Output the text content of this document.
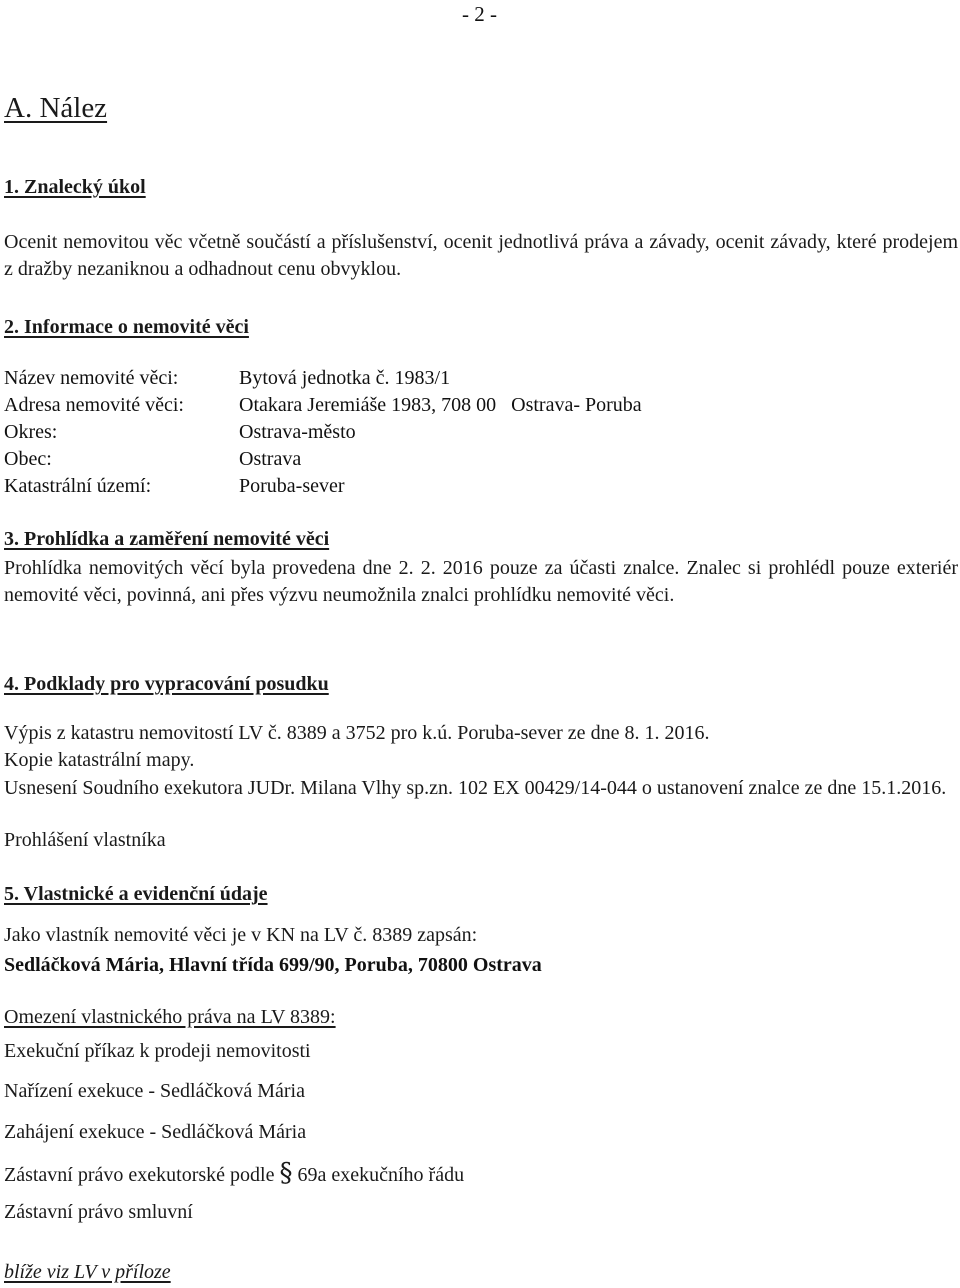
- 2 -
A. Nález
1. Znalecký úkol
Ocenit nemovitou věc včetně součástí a příslušenství, ocenit jednotlivá práva a závady, ocenit závady, které prodejem z dražby nezaniknou a odhadnout cenu obvyklou.
2. Informace o nemovité věci
Název nemovité věci:	Bytová jednotka č. 1983/1
Adresa nemovité věci:	Otakara Jeremiáše 1983, 708 00   Ostrava- Poruba
Okres:	Ostrava-město
Obec:	Ostrava
Katastrální území:	Poruba-sever
3. Prohlídka a zaměření nemovité věci
Prohlídka nemovitých věcí byla provedena dne 2. 2. 2016 pouze za účasti znalce. Znalec si prohlédl pouze exteriér nemovité věci, povinná, ani přes výzvu neumožnila znalci prohlídku nemovité věci.
4. Podklady pro vypracování posudku
Výpis z katastru nemovitostí LV č. 8389 a 3752 pro k.ú. Poruba-sever ze dne 8. 1. 2016.
Kopie katastrální mapy.
Usnesení Soudního exekutora JUDr. Milana Vlhy sp.zn. 102 EX 00429/14-044 o ustanovení znalce ze dne 15.1.2016.
Prohlášení vlastníka
5. Vlastnické a evidenční údaje
Jako vlastník nemovité věci je v KN na LV č. 8389 zapsán:
Sedláčková Mária, Hlavní třída 699/90, Poruba, 70800 Ostrava
Omezení vlastnického práva na LV 8389:
Exekuční příkaz k prodeji nemovitosti
Nařízení exekuce - Sedláčková Mária
Zahájení exekuce - Sedláčková Mária
Zástavní právo exekutorské podle § 69a exekučního řádu
Zástavní právo smluvní
blíže viz LV v příloze
